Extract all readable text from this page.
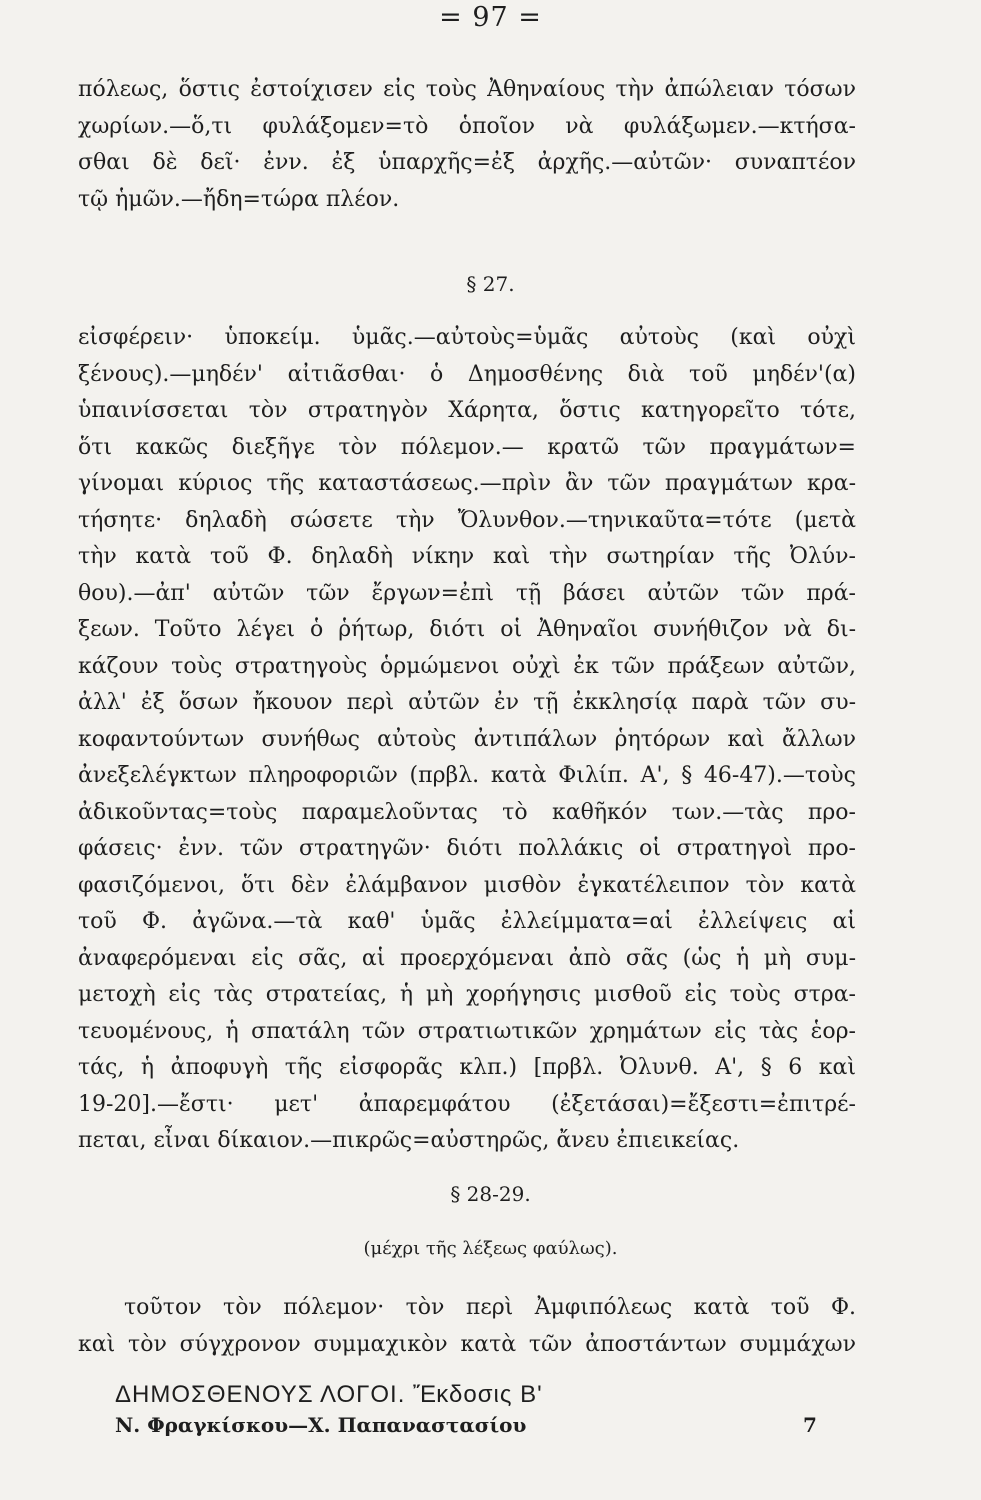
= 97 =
πόλεως, ὅστις ἐστοίχισεν εἰς τοὺς Ἀθηναίους τὴν ἀπώλειαν τόσων
χωρίων.—ὅ,τι φυλάξομεν=τὸ ὁποῖον νὰ φυλάξωμεν.—κτήσα-
σθαι δὲ δεῖ· ἐνν. ἐξ ὑπαρχῆς=ἐξ ἀρχῆς.—αὐτῶν· συναπτέον
τῷ ἡμῶν.—ἤδη=τώρα πλέον.
§ 27.
εἰσφέρειν· ὑποκείμ. ὑμᾶς.—αὐτοὺς=ὑμᾶς αὐτοὺς (καὶ οὐχὶ
ξένους).—μηδέν' αἰτιᾶσθαι· ὁ Δημοσθένης διὰ τοῦ μηδέν'(α)
ὑπαινίσσεται τὸν στρατηγὸν Χάρητα, ὅστις κατηγορεῖτο τότε,
ὅτι κακῶς διεξῆγε τὸν πόλεμον.— κρατῶ τῶν πραγμάτων=
γίνομαι κύριος τῆς καταστάσεως.—πρὶν ἂν τῶν πραγμάτων κρα-
τήσητε· δηλαδὴ σώσετε τὴν Ὄλυνθον.—τηνικαῦτα=τότε (μετὰ
τὴν κατὰ τοῦ Φ. δηλαδὴ νίκην καὶ τὴν σωτηρίαν τῆς Ὀλύν-
θου).—ἀπ' αὐτῶν τῶν ἔργων=ἐπὶ τῇ βάσει αὐτῶν τῶν πρά-
ξεων. Τοῦτο λέγει ὁ ῥήτωρ, διότι οἱ Ἀθηναῖοι συνήθιζον νὰ δι-
κάζουν τοὺς στρατηγοὺς ὁρμώμενοι οὐχὶ ἐκ τῶν πράξεων αὐτῶν,
ἀλλ' ἐξ ὅσων ἤκουον περὶ αὐτῶν ἐν τῇ ἐκκλησίᾳ παρὰ τῶν συ-
κοφαντούντων συνήθως αὐτοὺς ἀντιπάλων ῥητόρων καὶ ἄλλων
ἀνεξελέγκτων πληροφοριῶν (πρβλ. κατὰ Φιλίπ. Α', § 46-47).—τοὺς
ἀδικοῦντας=τοὺς παραμελοῦντας τὸ καθῆκόν των.—τὰς προ-
φάσεις· ἐνν. τῶν στρατηγῶν· διότι πολλάκις οἱ στρατηγοὶ προ-
φασιζόμενοι, ὅτι δὲν ἐλάμβανον μισθὸν ἐγκατέλειπον τὸν κατὰ
τοῦ Φ. ἀγῶνα.—τὰ καθ' ὑμᾶς ἐλλείμματα=αἱ ἐλλείψεις αἱ
ἀναφερόμεναι εἰς σᾶς, αἱ προερχόμεναι ἀπὸ σᾶς (ὡς ἡ μὴ συμ-
μετοχὴ εἰς τὰς στρατείας, ἡ μὴ χορήγησις μισθοῦ εἰς τοὺς στρα-
τευομένους, ἡ σπατάλη τῶν στρατιωτικῶν χρημάτων εἰς τὰς ἑορ-
τάς, ἡ ἀποφυγὴ τῆς εἰσφορᾶς κλπ.) [πρβλ. Ὀλυνθ. Α', § 6 καὶ
19-20].—ἔστι· μετ' ἀπαρεμφάτου (ἐξετάσαι)=ἔξεστι=ἐπιτρέ-
πεται, εἶναι δίκαιον.—πικρῶς=αὐστηρῶς, ἄνευ ἐπιεικείας.
§ 28-29.
(μέχρι τῆς λέξεως φαύλως).
τοῦτον τὸν πόλεμον· τὸν περὶ Ἀμφιπόλεως κατὰ τοῦ Φ.
καὶ τὸν σύγχρονον συμμαχικὸν κατὰ τῶν ἀποστάντων συμμάχων
ΔΗΜΟΣΘΕΝΟΥΣ ΛΟΓΟΙ. Ἔκδοσις Β'
Ν. Φραγκίσκου—Χ. Παπαναστασίου	7
